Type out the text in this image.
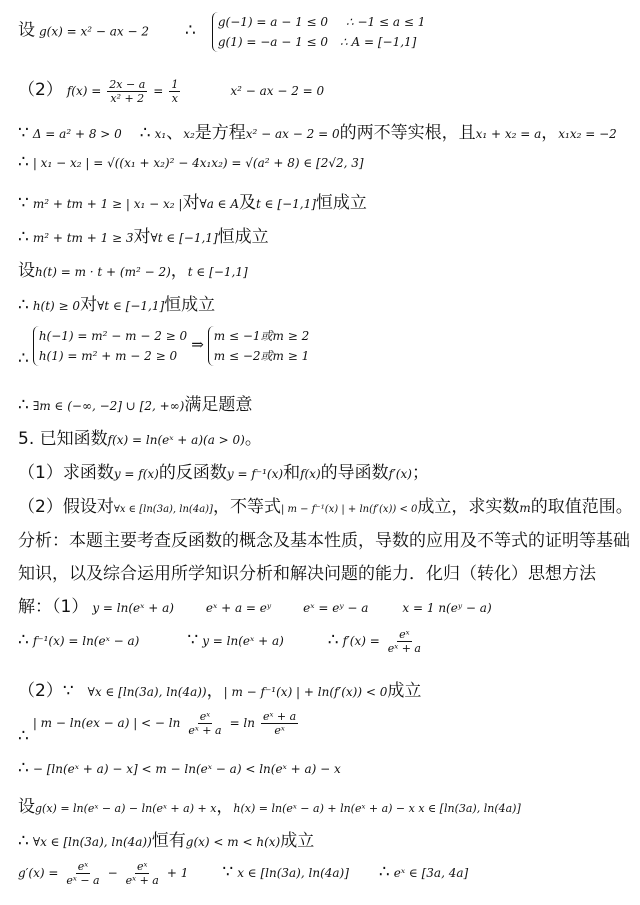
设 g(x) = x² − ax − 2 ∴ g(−1) = a − 1 ≤ 0 ∴ −1 ≤ a ≤ 1
g(1) = −a − 1 ≤ 0 ∴ A = [−1,1]
（2） $f(x) = \frac{2x - a}{\text{x² + 2}} = \frac{1}{x}$	x² − ax − 2 = 0
∵ Δ = a² + 8 > 0 ∴ x₁、x₂是方程x² − ax − 2 = 0的两不等实根，且x₁ + x₂ = a，x₁x₂ = −2
∴ | x₁ − x₂ | = √((x₁ + x₂)² − 4x₁x₂) = √(a² + 8) ∈ [2√2, 3]
∵ m² + tm + 1 ≥ | x₁ − x₂ |对∀a ∈ A及t ∈ [−1,1]恒成立
∴ m² + tm + 1 ≥ 3对∀t ∈ [−1,1]恒成立
设h(t) = m · t + (m² − 2)，t ∈ [−1,1]
∴ h(t) ≥ 0对∀t ∈ [−1,1]恒成立
∴ h(−1) = m² − m − 2 ≥ 0
h(1) = m² + m − 2 ≥ 0 ⇒ m ≤ −1或m ≥ 2
m ≤ −2或m ≥ 1
∴ ∃m ∈ (−∞, −2] ∪ [2, +∞)满足题意
5. 已知函数f(x) = ln(eˣ + a)(a > 0)。
（1）求函数y = f(x)的反函数y = f⁻¹(x)和f(x)的导函数f′(x)；
（2）假设对∀x ∈ [ln(3a), ln(4a)]，不等式| m − f⁻¹(x) | + ln(f′(x)) < 0成立，求实数m的取值范围。
分析：本题主要考查反函数的概念及基本性质，导数的应用及不等式的证明等基础
知识，以及综合运用所学知识分析和解决问题的能力．化归（转化）思想方法
解：（1） y = ln(eˣ + a)	eˣ + a = eʸ	eˣ = eʸ − a	x = 1 n(eʸ − a)
∴ f⁻¹(x) = ln(eˣ − a)	∵ y = ln(eˣ + a)	∴ $f'(x) = \frac{\text{eˣ}}{\text{eˣ + a}}$
（2）∵ ∀x ∈ [ln(3a), ln(4a))，| m − f⁻¹(x) | + ln(f′(x)) < 0成立
∴ | m − ln(ex − a) | < − $\ln \frac{\text{eˣ}}{\text{eˣ + a}} = \ln \frac{\text{eˣ + a}}{\text{eˣ}}$
∴ − [ln(eˣ + a) − x] < m − ln(eˣ − a) < ln(eˣ + a) − x
设g(x) = ln(eˣ − a) − ln(eˣ + a) + x，h(x) = ln(eˣ − a) + ln(eˣ + a) − x x ∈ [ln(3a), ln(4a)]
∴ ∀x ∈ [ln(3a), ln(4a))恒有g(x) < m < h(x)成立
$g'(x) = \frac{\text{eˣ}}{\text{eˣ − a}} - \frac{\text{eˣ}}{\text{eˣ + a}} + 1$ ∵ x ∈ [ln(3a), ln(4a)] ∴ eˣ ∈ [3a, 4a]
